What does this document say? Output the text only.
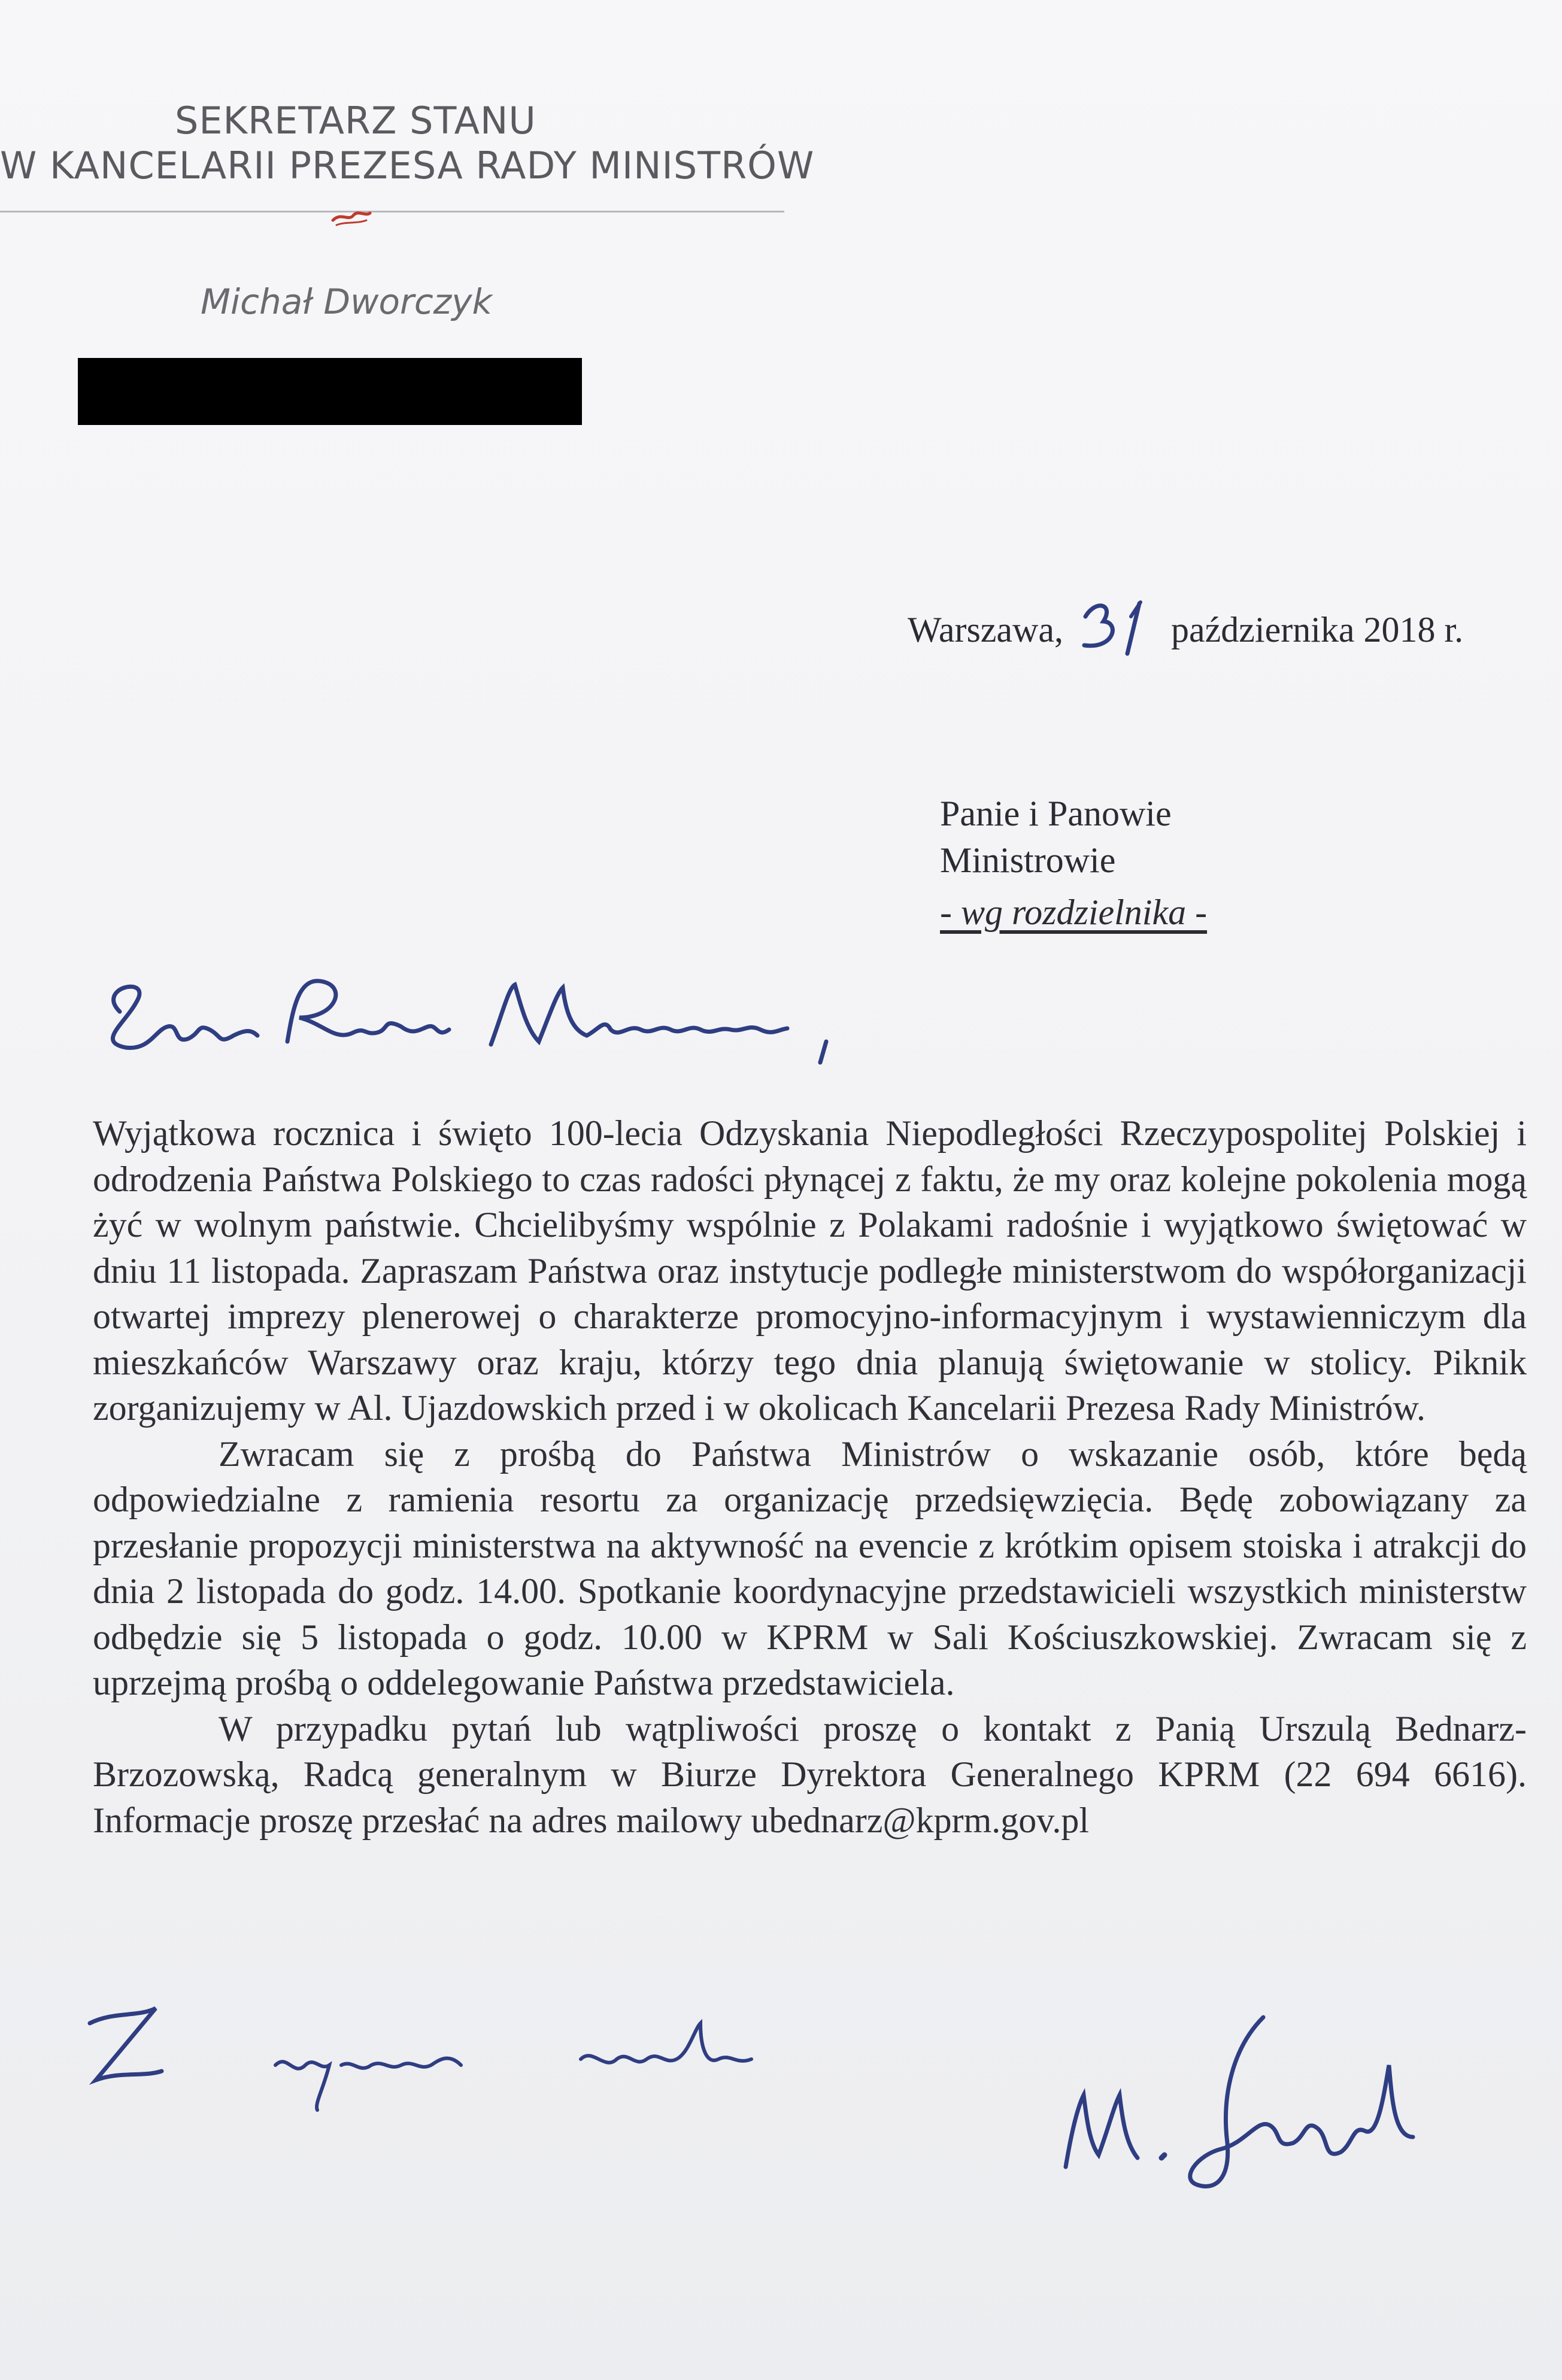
SEKRETARZ STANU
W KANCELARII PREZESA RADY MINISTRÓW
Michał Dworczyk
Warszawa,	października 2018 r.
Panie i Panowie
Ministrowie
- wg rozdzielnika -

Wyjątkowa rocznica i święto 100-lecia Odzyskania Niepodległości Rzeczypospolitej Polskiej i odrodzenia Państwa Polskiego to czas radości płynącej z faktu, że my oraz kolejne pokolenia mogą żyć w wolnym państwie. Chcielibyśmy wspólnie z Polakami radośnie i wyjątkowo świętować w dniu 11 listopada. Zapraszam Państwa oraz instytucje podległe ministerstwom do współorganizacji otwartej imprezy plenerowej o charakterze promocyjno-informacyjnym i wystawienniczym dla mieszkańców Warszawy oraz kraju, którzy tego dnia planują świętowanie w stolicy. Piknik zorganizujemy w Al. Ujazdowskich przed i w okolicach Kancelarii Prezesa Rady Ministrów.

Zwracam się z prośbą do Państwa Ministrów o wskazanie osób, które będą odpowiedzialne z ramienia resortu za organizację przedsięwzięcia. Będę zobowiązany za przesłanie propozycji ministerstwa na aktywność na evencie z krótkim opisem stoiska i atrakcji do dnia 2 listopada do godz. 14.00. Spotkanie koordynacyjne przedstawicieli wszystkich ministerstw odbędzie się 5 listopada o godz. 10.00 w KPRM w Sali Kościuszkowskiej. Zwracam się z uprzejmą prośbą o oddelegowanie Państwa przedstawiciela.

W przypadku pytań lub wątpliwości proszę o kontakt z Panią Urszulą Bednarz-Brzozowską, Radcą generalnym w Biurze Dyrektora Generalnego KPRM (22 694 6616). Informacje proszę przesłać na adres mailowy ubednarz@kprm.gov.pl
